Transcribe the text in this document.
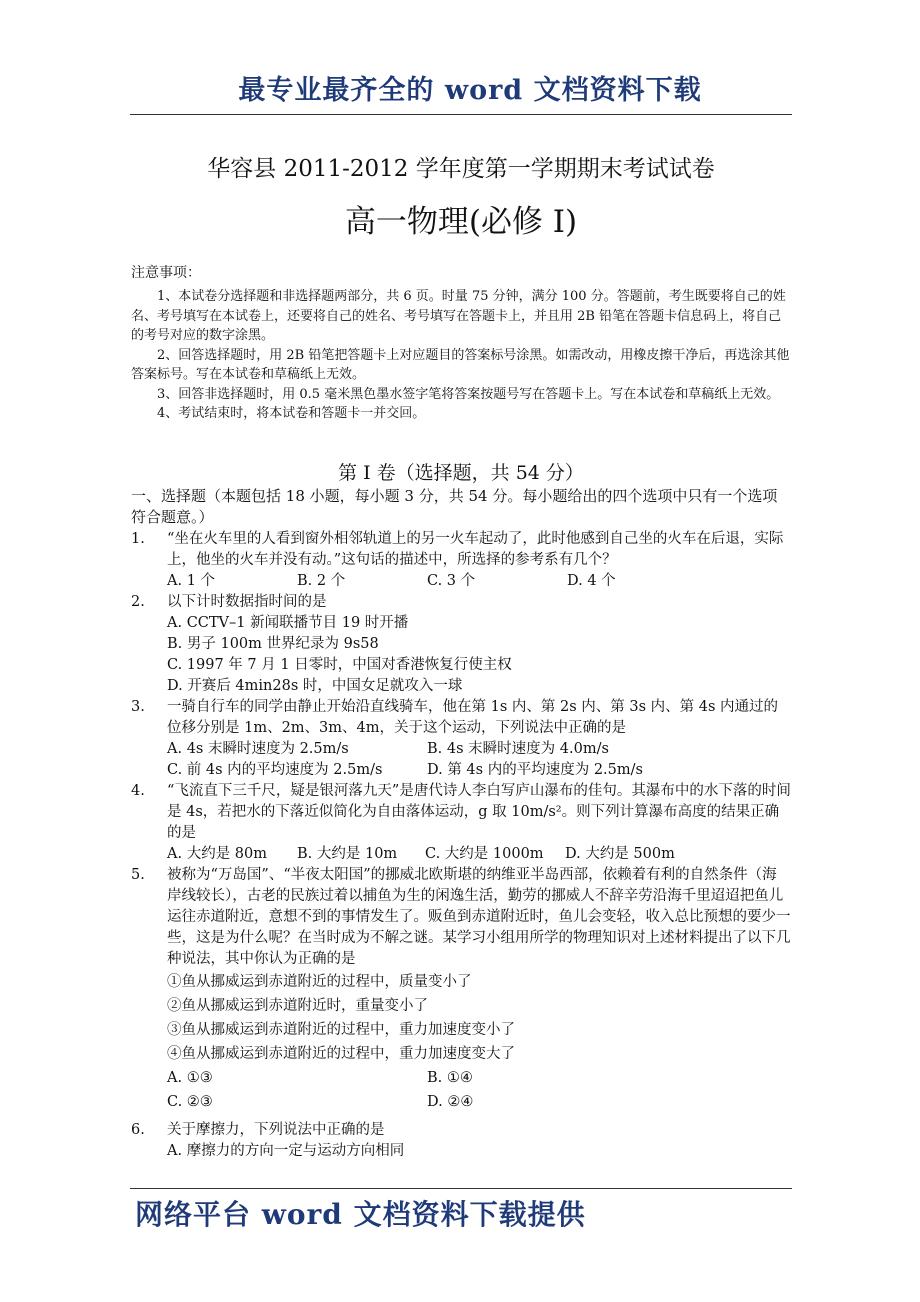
最专业最齐全的 word 文档资料下载
华容县 2011-2012 学年度第一学期期末考试试卷
高一物理(必修 I)
注意事项：

1、本试卷分选择题和非选择题两部分，共 6 页。时量 75 分钟，满分 100 分。答题前，考生既要将自己的姓名、考号填写在本试卷上，还要将自己的姓名、考号填写在答题卡上，并且用 2B 铅笔在答题卡信息码上，将自己的考号对应的数字涂黑。

2、回答选择题时，用 2B 铅笔把答题卡上对应题目的答案标号涂黑。如需改动，用橡皮擦干净后，再选涂其他答案标号。写在本试卷和草稿纸上无效。

3、回答非选择题时，用 0.5 毫米黑色墨水签字笔将答案按题号写在答题卡上。写在本试卷和草稿纸上无效。

4、考试结束时，将本试卷和答题卡一并交回。

第 I 卷（选择题，共 54 分）
一、选择题（本题包括 18 小题，每小题 3 分，共 54 分。每小题给出的四个选项中只有一个选项符合题意。）
1. “坐在火车里的人看到窗外相邻轨道上的另一火车起动了，此时他感到自己坐的火车在后退，实际上，他坐的火车并没有动。”这句话的描述中，所选择的参考系有几个？
A. 1 个	B. 2 个	C. 3 个	D. 4 个
2. 以下计时数据指时间的是
A. CCTV–1 新闻联播节目 19 时开播
B. 男子 100m 世界纪录为 9s58
C. 1997 年 7 月 1 日零时，中国对香港恢复行使主权
D. 开赛后 4min28s 时，中国女足就攻入一球
3. 一骑自行车的同学由静止开始沿直线骑车，他在第 1s 内、第 2s 内、第 3s 内、第 4s 内通过的位移分别是 1m、2m、3m、4m，关于这个运动，下列说法中正确的是
A. 4s 末瞬时速度为 2.5m/s	B. 4s 末瞬时速度为 4.0m/s
C. 前 4s 内的平均速度为 2.5m/s	D. 第 4s 内的平均速度为 2.5m/s
4. “飞流直下三千尺，疑是银河落九天”是唐代诗人李白写庐山瀑布的佳句。其瀑布中的水下落的时间是 4s，若把水的下落近似简化为自由落体运动，g 取 10m/s²。则下列计算瀑布高度的结果正确的是
A. 大约是 80m	B. 大约是 10m	C. 大约是 1000m	D. 大约是 500m
5. 被称为“万岛国”、“半夜太阳国”的挪威北欧斯堪的纳维亚半岛西部，依赖着有利的自然条件（海岸线较长），古老的民族过着以捕鱼为生的闲逸生活，勤劳的挪威人不辞辛劳沿海千里迢迢把鱼儿运往赤道附近，意想不到的事情发生了。贩鱼到赤道附近时，鱼儿会变轻，收入总比预想的要少一些，这是为什么呢？在当时成为不解之谜。某学习小组用所学的物理知识对上述材料提出了以下几种说法，其中你认为正确的是
①鱼从挪威运到赤道附近的过程中，质量变小了
②鱼从挪威运到赤道附近时，重量变小了
③鱼从挪威运到赤道附近的过程中，重力加速度变小了
④鱼从挪威运到赤道附近的过程中，重力加速度变大了
A. ①③	B. ①④
C. ②③	D. ②④
6. 关于摩擦力，下列说法中正确的是
A. 摩擦力的方向一定与运动方向相同
网络平台 word 文档资料下载提供
